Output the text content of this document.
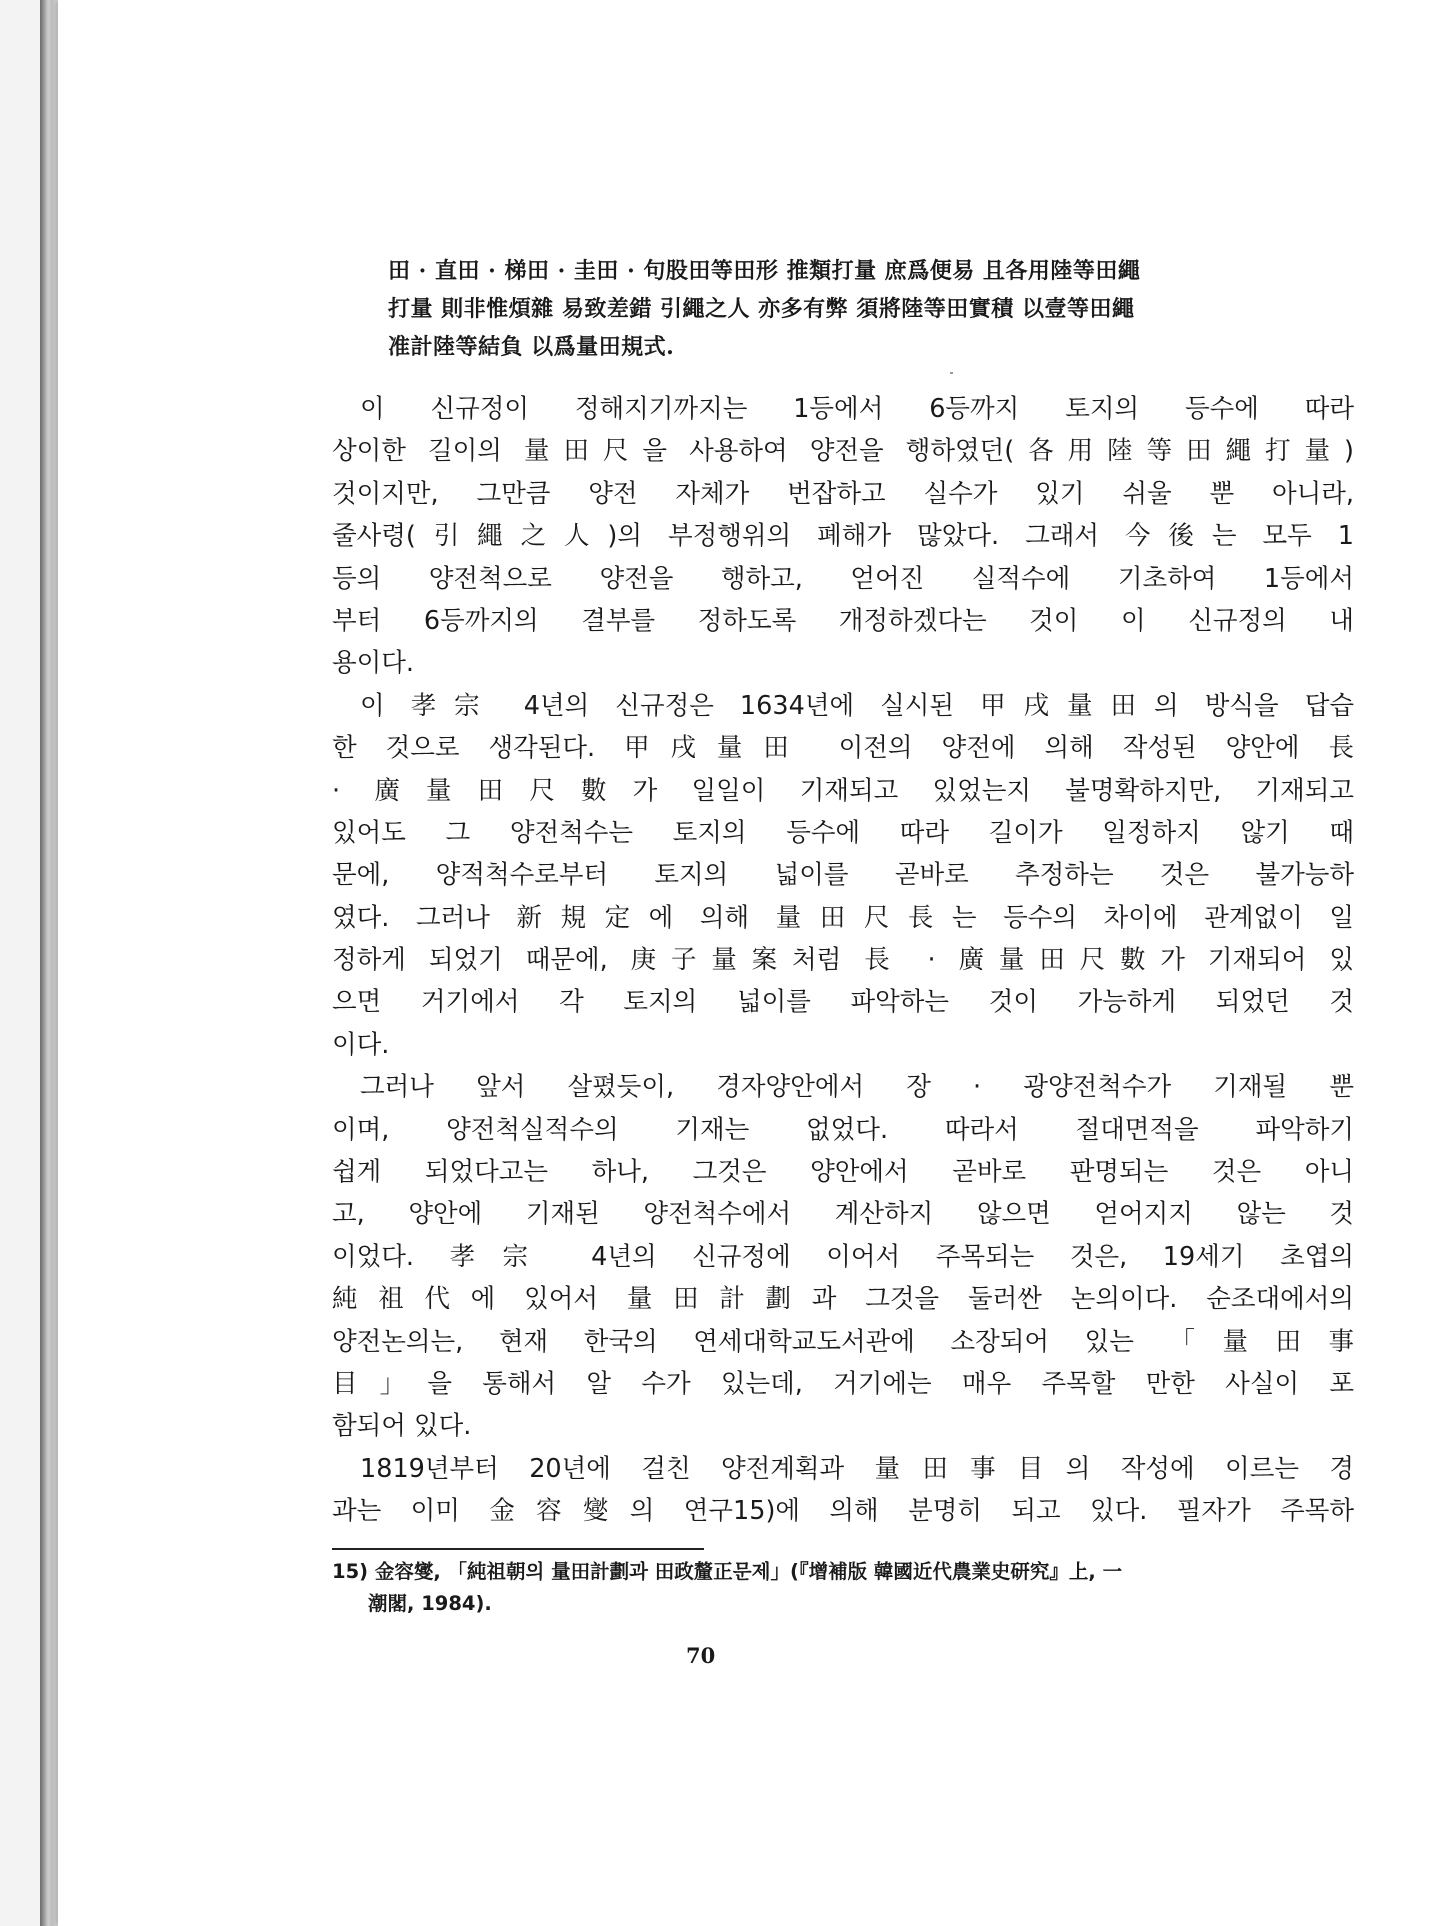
田 · 直田 · 梯田 · 圭田 · 句股田等田形 推類打量 庶爲便易 且各用陸等田繩
打量 則非惟煩雜 易致差錯 引繩之人 亦多有弊 須將陸等田實積 以壹等田繩
准計陸等結負 以爲量田規式.
이 신규정이 정해지기까지는 1등에서 6등까지 토지의 등수에 따라
상이한 길이의 量田尺을 사용하여 양전을 행하였던(各用陸等田繩打量)
것이지만, 그만큼 양전 자체가 번잡하고 실수가 있기 쉬울 뿐 아니라,
줄사령(引繩之人)의 부정행위의 폐해가 많았다. 그래서 今後는 모두 1
등의 양전척으로 양전을 행하고, 얻어진 실적수에 기초하여 1등에서
부터 6등까지의 결부를 정하도록 개정하겠다는 것이 이 신규정의 내
용이다.
이 孝宗 4년의 신규정은 1634년에 실시된 甲戌量田의 방식을 답습
한 것으로 생각된다. 甲戌量田 이전의 양전에 의해 작성된 양안에 長
· 廣量田尺數가 일일이 기재되고 있었는지 불명확하지만, 기재되고
있어도 그 양전척수는 토지의 등수에 따라 길이가 일정하지 않기 때
문에, 양적척수로부터 토지의 넓이를 곧바로 추정하는 것은 불가능하
였다. 그러나 新規定에 의해 量田尺長는 등수의 차이에 관계없이 일
정하게 되었기 때문에, 庚子量案처럼 長 · 廣量田尺數가 기재되어 있
으면 거기에서 각 토지의 넓이를 파악하는 것이 가능하게 되었던 것
이다.
그러나 앞서 살폈듯이, 경자양안에서 장 · 광양전척수가 기재될 뿐
이며, 양전척실적수의 기재는 없었다. 따라서 절대면적을 파악하기
쉽게 되었다고는 하나, 그것은 양안에서 곧바로 판명되는 것은 아니
고, 양안에 기재된 양전척수에서 계산하지 않으면 얻어지지 않는 것
이었다. 孝宗 4년의 신규정에 이어서 주목되는 것은, 19세기 초엽의
純祖代에 있어서 量田計劃과 그것을 둘러싼 논의이다. 순조대에서의
양전논의는, 현재 한국의 연세대학교도서관에 소장되어 있는 「量田事
目」을 통해서 알 수가 있는데, 거기에는 매우 주목할 만한 사실이 포
함되어 있다.
1819년부터 20년에 걸친 양전계획과 量田事目의 작성에 이르는 경
과는 이미 金容燮의 연구15)에 의해 분명히 되고 있다. 필자가 주목하
15) 金容燮, 「純祖朝의 量田計劃과 田政釐正문제」(『增補版 韓國近代農業史研究』上, 一
潮閣, 1984).
70
